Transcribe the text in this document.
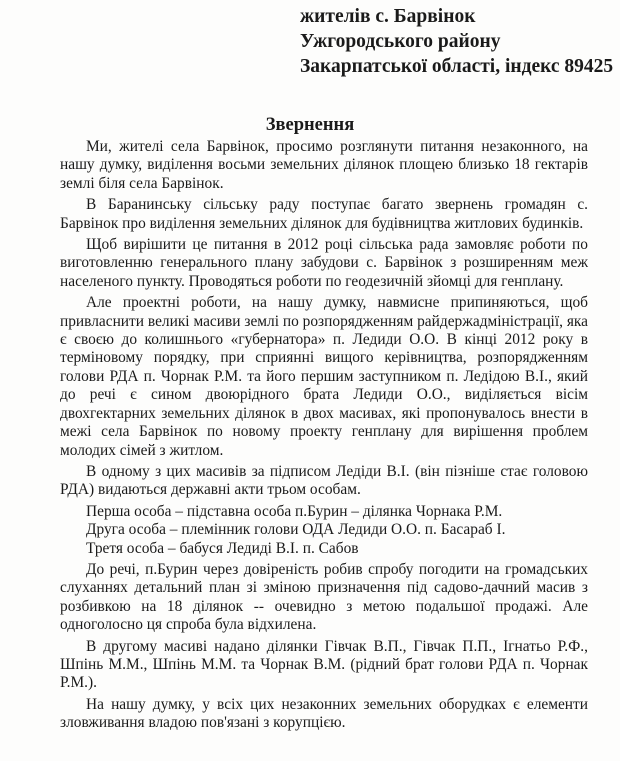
жителів с. Барвінок
Ужгородського району
Закарпатської області, індекс 89425
Звернення

Ми, жителі села Барвінок, просимо розглянути питання незаконного, на нашу думку, виділення восьми земельних ділянок площею близько 18 гектарів землі біля села Барвінок.

В Баранинську сільську раду поступає багато звернень громадян с. Барвінок про виділення земельних ділянок для будівництва житлових будинків.

Щоб вирішити це питання в 2012 році сільська рада замовляє роботи по виготовленню генерального плану забудови с. Барвінок з розширенням меж населеного пункту. Проводяться роботи по геодезичній зйомці для генплану.

Але проектні роботи, на нашу думку, навмисне припиняються, щоб привласнити великі масиви землі по розпорядженням райдержадміністрації, яка є своєю до колишнього «губернатора» п. Ледиди О.О. В кінці 2012 року в терміновому порядку, при сприянні вищого керівництва, розпорядженням голови РДА п. Чорнак Р.М. та його першим заступником п. Ледідою В.І., який до речі є сином двоюрідного брата Ледиди О.О., виділяється вісім двохгектарних земельних ділянок в двох масивах, які пропонувалось внести в межі села Барвінок по новому проекту генплану для вирішення проблем молодих сімей з житлом.

В одному з цих масивів за підписом Ледіди В.І. (він пізніше стає головою РДА) видаються державні акти трьом особам.

Перша особа – підставна особа п.Бурин – ділянка Чорнака Р.М.

Друга особа – племінник голови ОДА Ледиди О.О. п. Басараб І.

Третя особа – бабуся Ледиді В.І. п. Сабов

До речі, п.Бурин через довіреність робив спробу погодити на громадських слуханнях детальний план зі зміною призначення під садово-дачний масив з розбивкою на 18 ділянок -- очевидно з метою подальшої продажі. Але одноголосно ця спроба була відхилена.

В другому масиві надано ділянки Гівчак В.П., Гівчак П.П., Ігнатьо Р.Ф., Шпінь М.М., Шпінь М.М. та Чорнак В.М. (рідний брат голови РДА п. Чорнак Р.М.).

На нашу думку, у всіх цих незаконних земельних оборудках є елементи зловживання владою пов'язані з корупцією.
